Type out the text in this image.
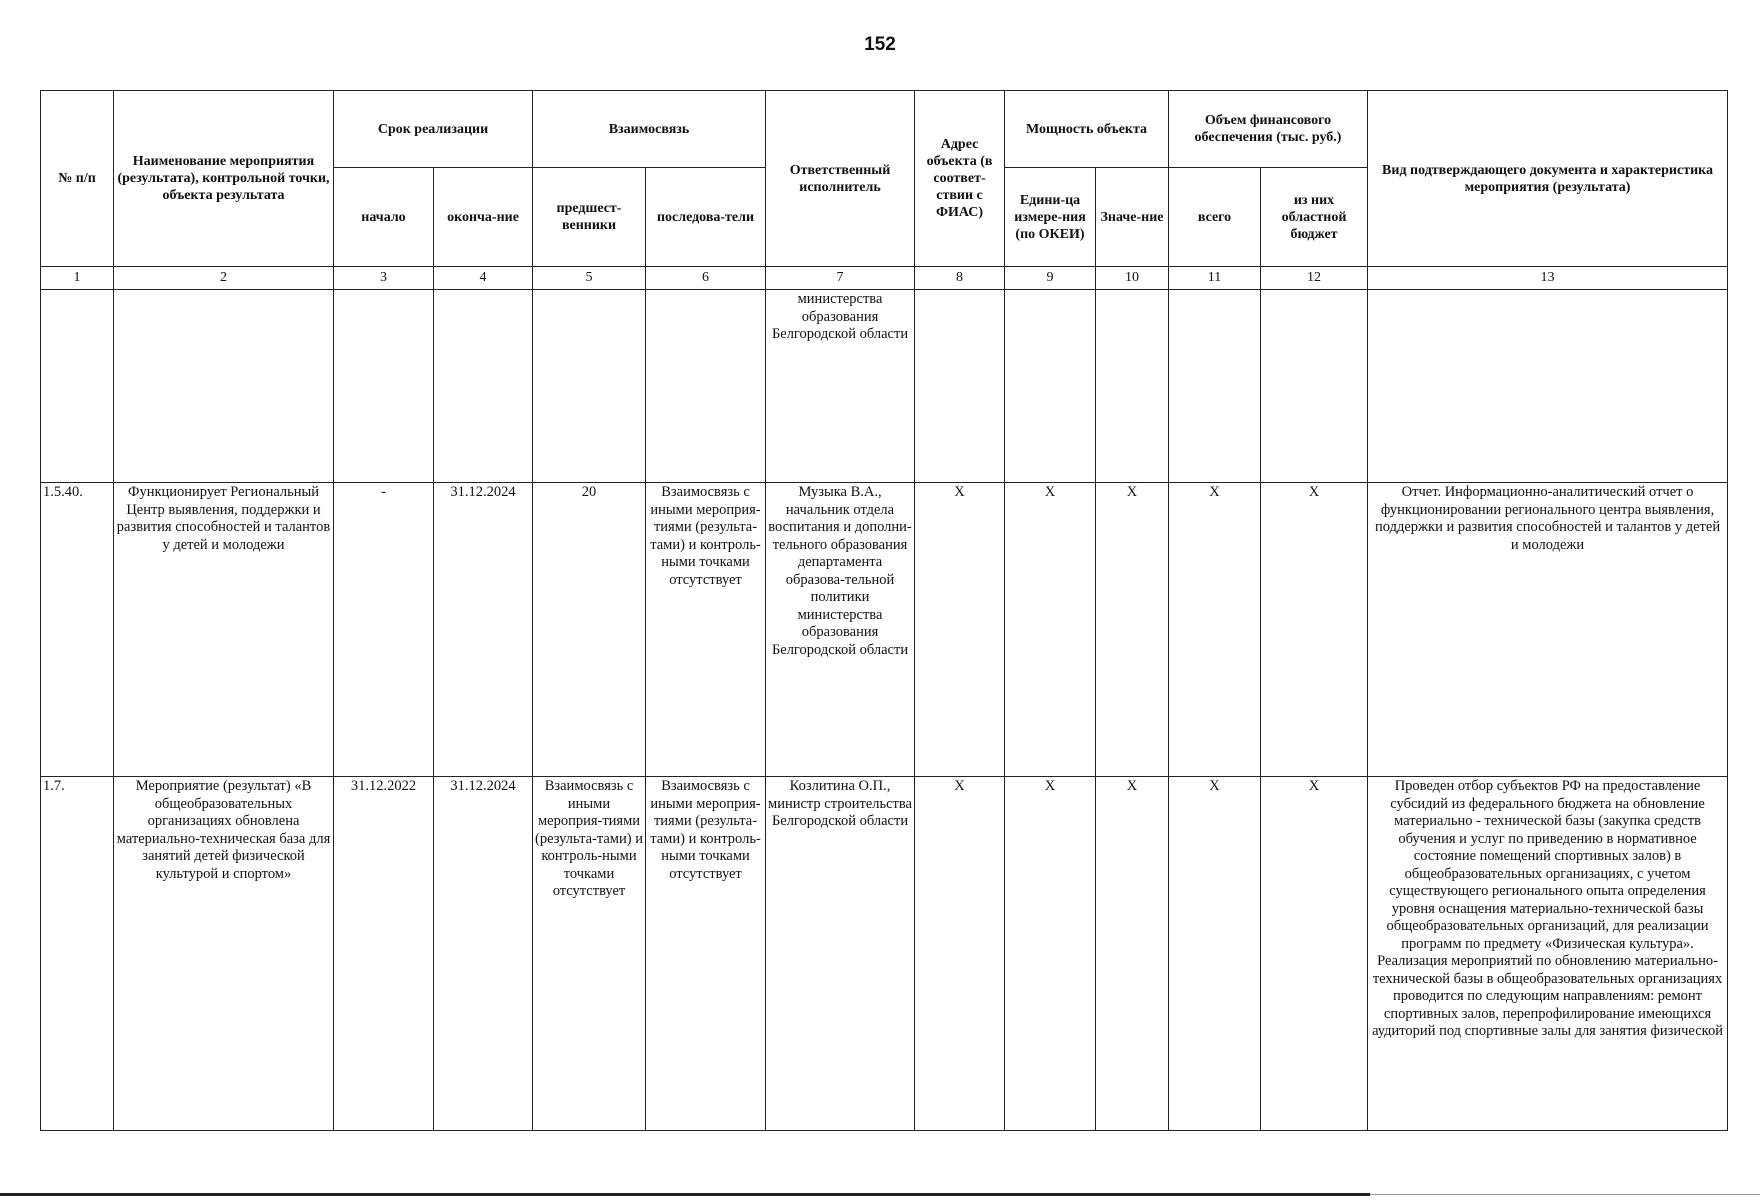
152
№ п/п	Наименование мероприятия (результата), контрольной точки, объекта результата	Срок реализации		Взаимосвязь		Ответственный исполнитель	Адрес объекта (в соответ-ствии с ФИАС)	Мощность объекта		Объем финансового обеспечения (тыс. руб.)		Вид подтверждающего документа и характеристика мероприятия (результата)
		начало	оконча-ние	предшест-венники	последова-тели			Едини-ца измере-ния (по ОКЕИ)	Значе-ние	всего	из них областной бюджет	
1	2	3	4	5	6	7	8	9	10	11	12	13
						министерства образования Белгородской области						
1.5.40.	Функционирует Региональный Центр выявления, поддержки и развития способностей и талантов у детей и молодежи	-	31.12.2024	20	Взаимосвязь с иными мероприя-тиями (результа-тами) и контроль-ными точками отсутствует	Музыка В.А., начальник отдела воспитания и дополни-тельного образования департамента образова-тельной политики министерства образования Белгородской области	X	X	X	X	X	Отчет. Информационно-аналитический отчет о функционировании регионального центра выявления, поддержки и развития способностей и талантов у детей и молодежи
1.7.	Мероприятие (результат) «В общеобразовательных организациях обновлена материально-техническая база для занятий детей физической культурой и спортом»	31.12.2022	31.12.2024	Взаимосвязь с иными мероприя-тиями (результа-тами) и контроль-ными точками отсутствует	Взаимосвязь с иными мероприя-тиями (результа-тами) и контроль-ными точками отсутствует	Козлитина О.П., министр строительства Белгородской области	X	X	X	X	X	Проведен отбор субъектов РФ на предоставление субсидий из федерального бюджета на обновление материально - технической базы (закупка средств обучения и услуг по приведению в нормативное состояние помещений спортивных залов) в общеобразовательных организациях, с учетом существующего регионального опыта определения уровня оснащения материально-технической базы общеобразовательных организаций, для реализации программ по предмету «Физическая культура». Реализация мероприятий по обновлению материально-технической базы в общеобразовательных организациях проводится по следующим направлениям: ремонт спортивных залов, перепрофилирование имеющихся аудиторий под спортивные залы для занятия физической
